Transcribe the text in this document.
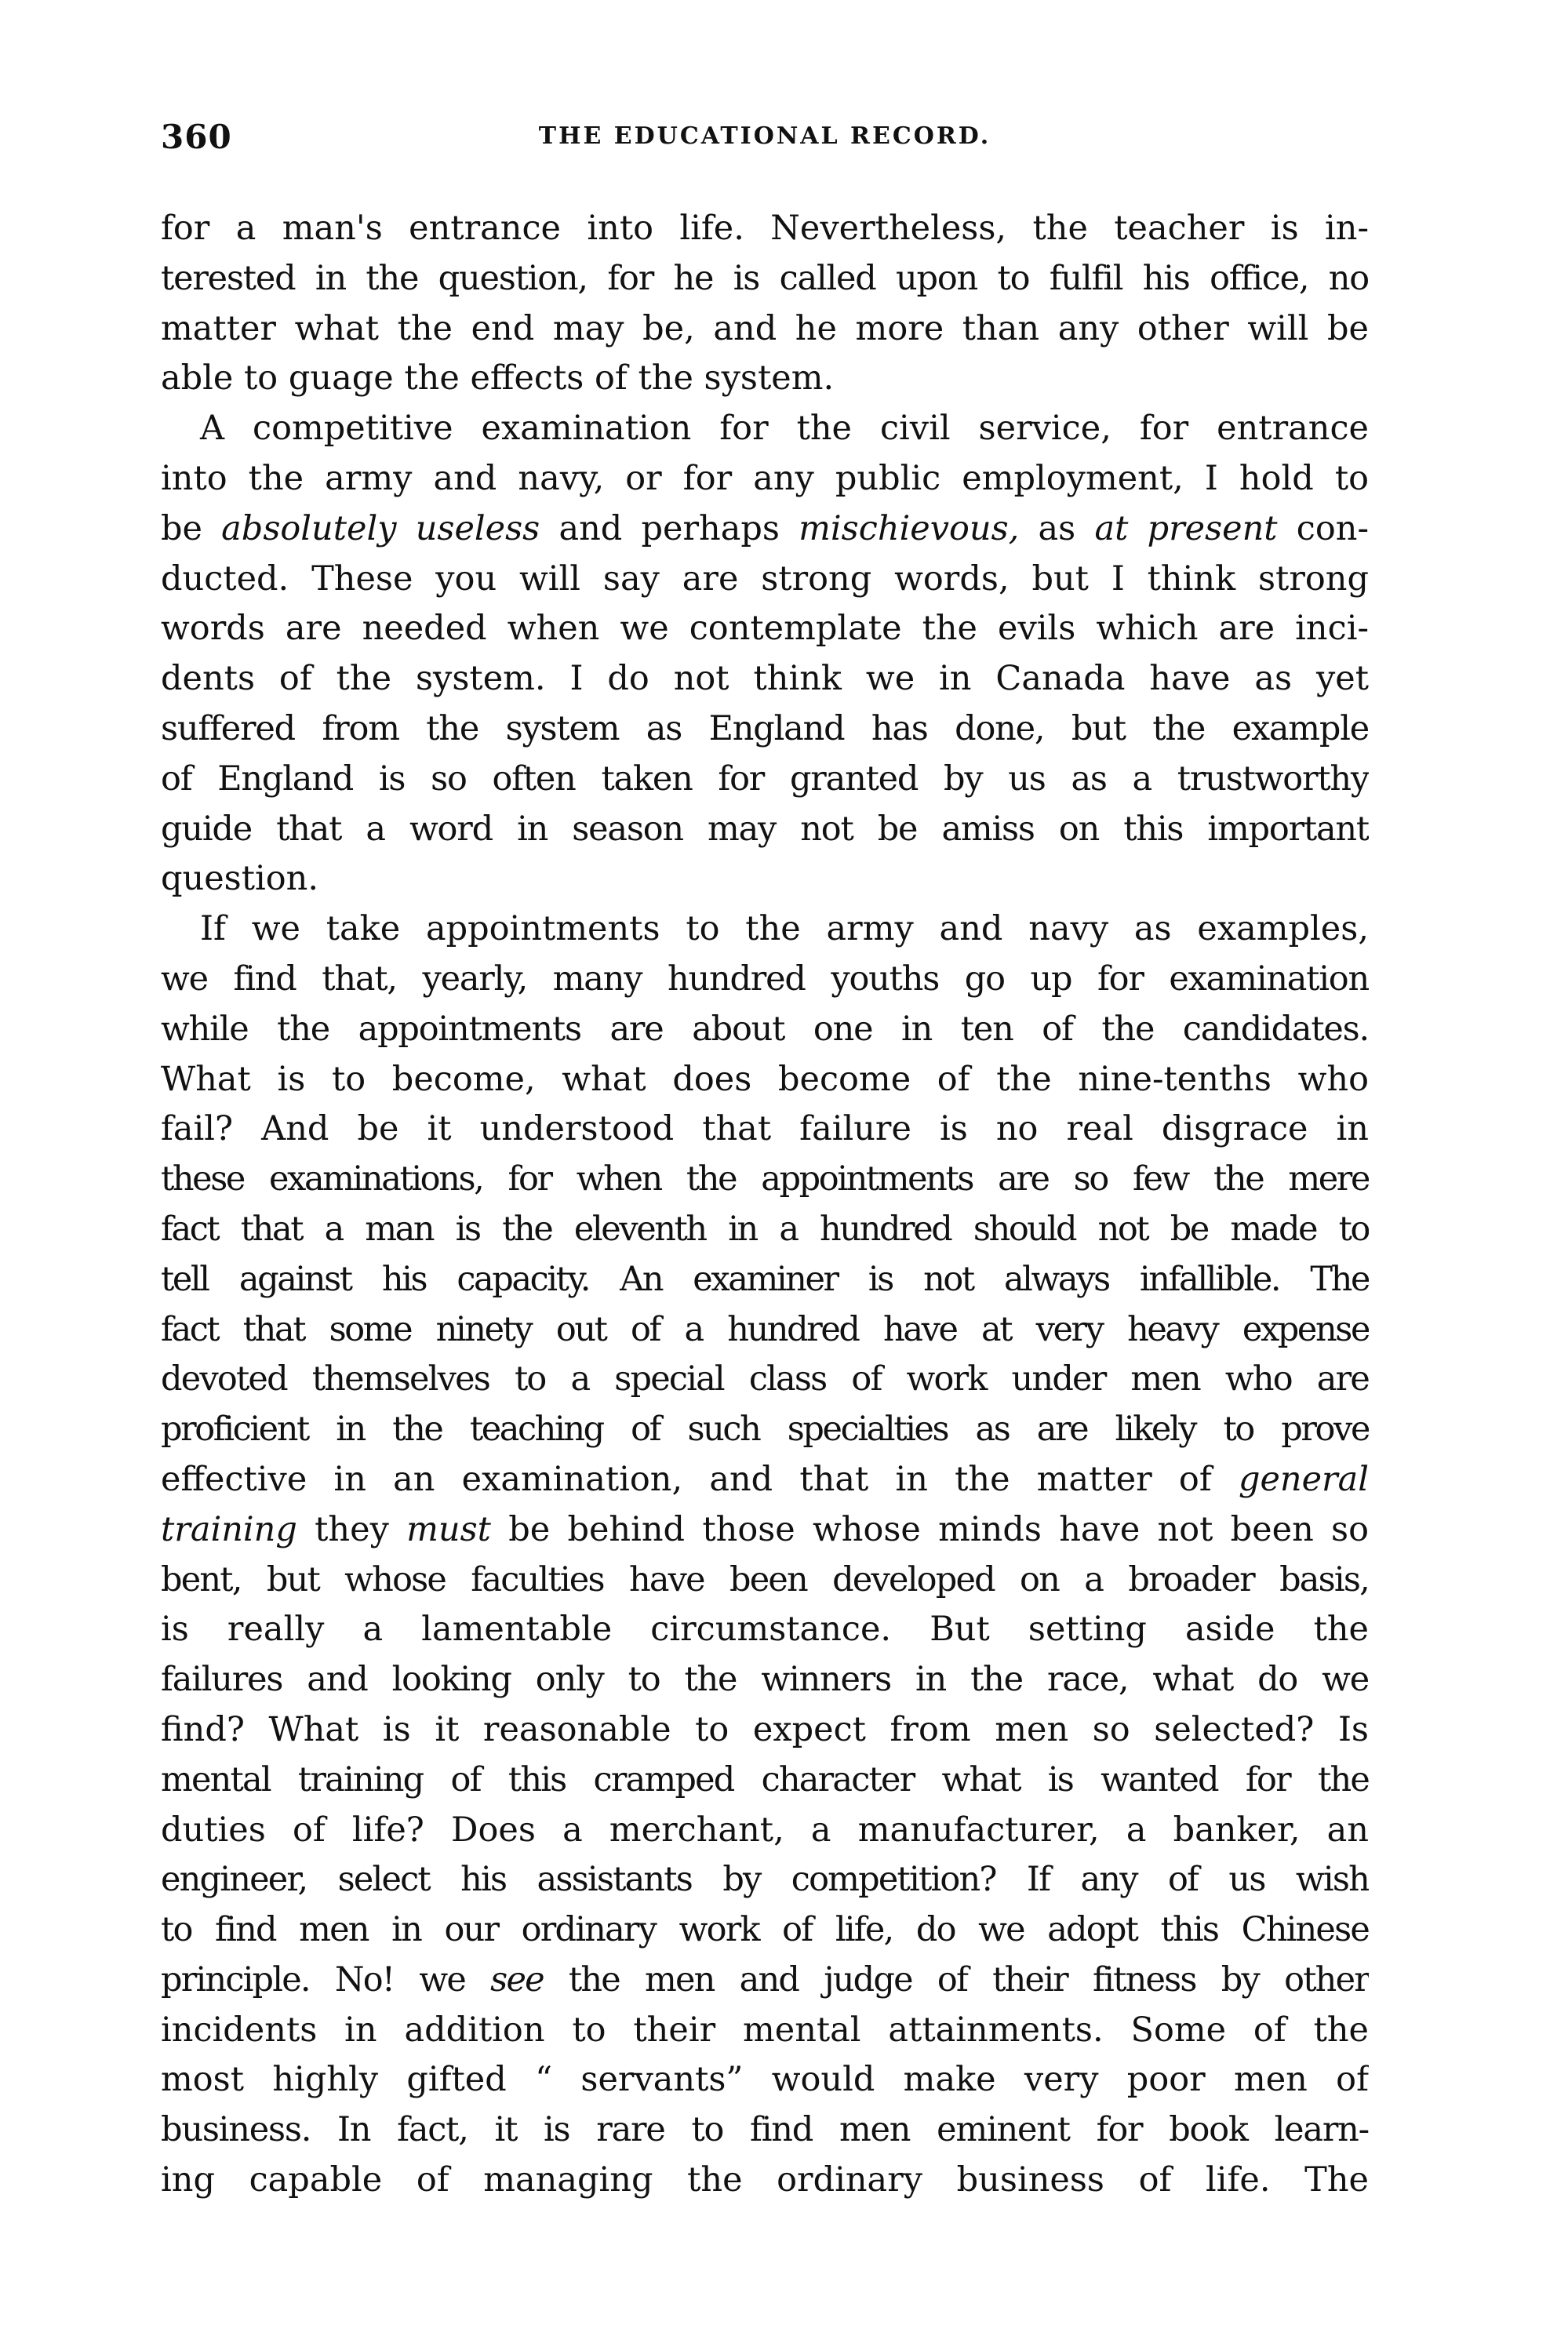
360	THE EDUCATIONAL RECORD.
for a man's entrance into life. Nevertheless, the teacher is in-
terested in the question, for he is called upon to fulfil his office, no
matter what the end may be, and he more than any other will be
able to guage the effects of the system.
A competitive examination for the civil service, for entrance
into the army and navy, or for any public employment, I hold to
be absolutely useless and perhaps mischievous, as at present con-
ducted. These you will say are strong words, but I think strong
words are needed when we contemplate the evils which are inci-
dents of the system. I do not think we in Canada have as yet
suffered from the system as England has done, but the example
of England is so often taken for granted by us as a trustworthy
guide that a word in season may not be amiss on this important
question.
If we take appointments to the army and navy as examples,
we find that, yearly, many hundred youths go up for examination
while the appointments are about one in ten of the candidates.
What is to become, what does become of the nine-tenths who
fail? And be it understood that failure is no real disgrace in
these examinations, for when the appointments are so few the mere
fact that a man is the eleventh in a hundred should not be made to
tell against his capacity. An examiner is not always infallible. The
fact that some ninety out of a hundred have at very heavy expense
devoted themselves to a special class of work under men who are
proficient in the teaching of such specialties as are likely to prove
effective in an examination, and that in the matter of general
training they must be behind those whose minds have not been so
bent, but whose faculties have been developed on a broader basis,
is really a lamentable circumstance. But setting aside the
failures and looking only to the winners in the race, what do we
find? What is it reasonable to expect from men so selected? Is
mental training of this cramped character what is wanted for the
duties of life? Does a merchant, a manufacturer, a banker, an
engineer, select his assistants by competition? If any of us wish
to find men in our ordinary work of life, do we adopt this Chinese
principle. No! we see the men and judge of their fitness by other
incidents in addition to their mental attainments. Some of the
most highly gifted “ servants” would make very poor men of
business. In fact, it is rare to find men eminent for book learn-
ing capable of managing the ordinary business of life. The
